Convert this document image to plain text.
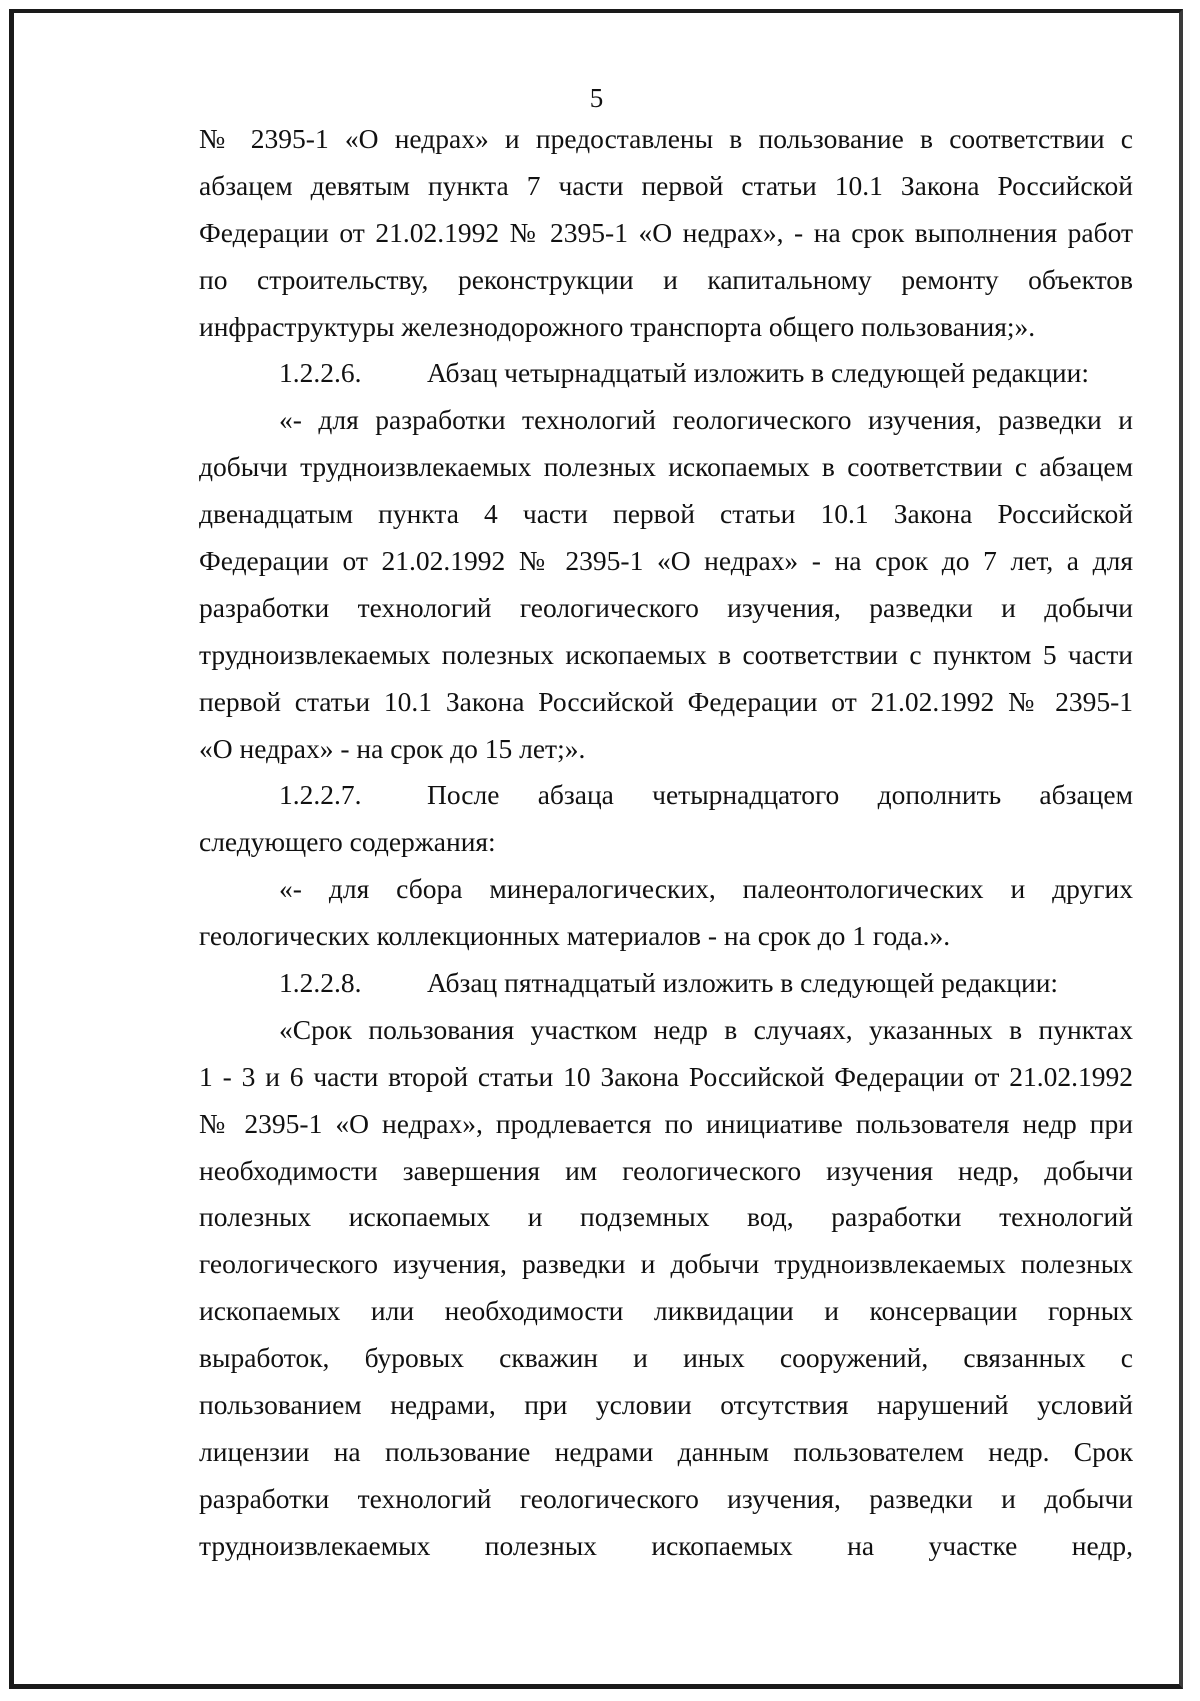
5
№ 2395-1 «О недрах» и предоставлены в пользование в соответствии с
абзацем девятым пункта 7 части первой статьи 10.1 Закона Российской
Федерации от 21.02.1992 № 2395-1 «О недрах», - на срок выполнения работ
по строительству, реконструкции и капитальному ремонту объектов
инфраструктуры железнодорожного транспорта общего пользования;».
1.2.2.6.	Абзац четырнадцатый изложить в следующей редакции:
«- для разработки технологий геологического изучения, разведки и
добычи трудноизвлекаемых полезных ископаемых в соответствии с абзацем
двенадцатым пункта 4 части первой статьи 10.1 Закона Российской
Федерации от 21.02.1992 № 2395-1 «О недрах» - на срок до 7 лет, а для
разработки технологий геологического изучения, разведки и добычи
трудноизвлекаемых полезных ископаемых в соответствии с пунктом 5 части
первой статьи 10.1 Закона Российской Федерации от 21.02.1992 № 2395-1
«О недрах» - на срок до 15 лет;».
1.2.2.7.	После абзаца четырнадцатого дополнить абзацем
следующего содержания:
«- для сбора минералогических, палеонтологических и других
геологических коллекционных материалов - на срок до 1 года.».
1.2.2.8.	Абзац пятнадцатый изложить в следующей редакции:
«Срок пользования участком недр в случаях, указанных в пунктах
1 - 3 и 6 части второй статьи 10 Закона Российской Федерации от 21.02.1992
№ 2395-1 «О недрах», продлевается по инициативе пользователя недр при
необходимости завершения им геологического изучения недр, добычи
полезных ископаемых и подземных вод, разработки технологий
геологического изучения, разведки и добычи трудноизвлекаемых полезных
ископаемых или необходимости ликвидации и консервации горных
выработок, буровых скважин и иных сооружений, связанных с
пользованием недрами, при условии отсутствия нарушений условий
лицензии на пользование недрами данным пользователем недр. Срок
разработки технологий геологического изучения, разведки и добычи
трудноизвлекаемых полезных ископаемых на участке недр,
